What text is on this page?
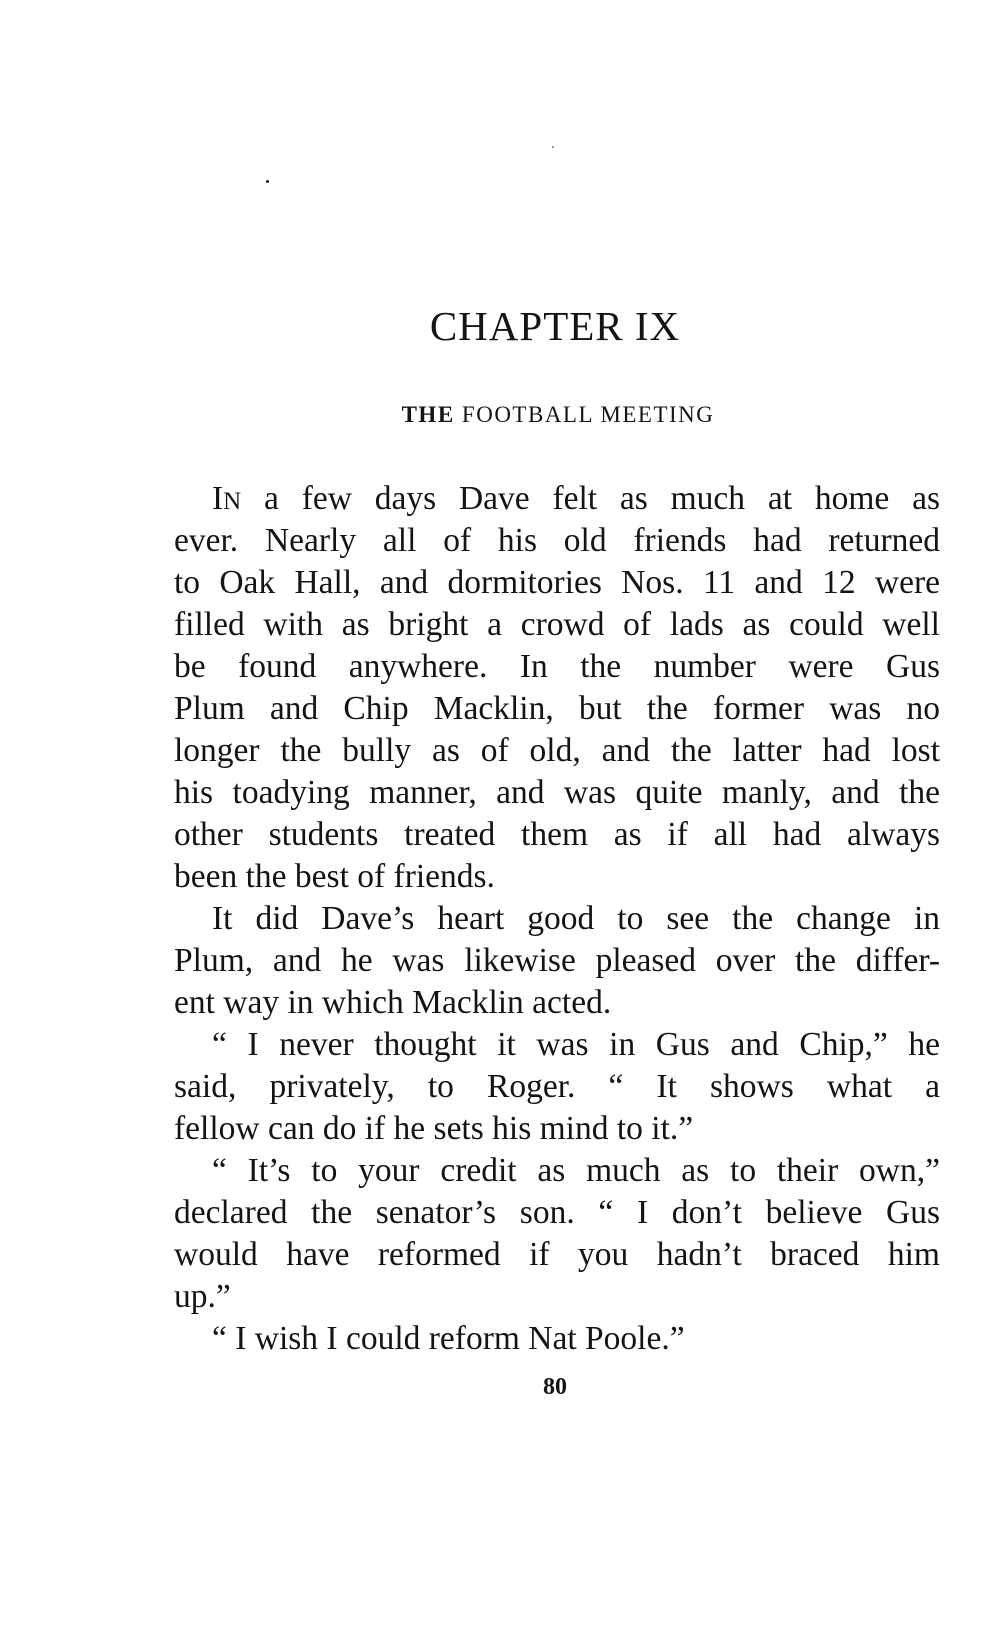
CHAPTER IX
THE FOOTBALL MEETING
IN a few days Dave felt as much at home as
ever. Nearly all of his old friends had returned
to Oak Hall, and dormitories Nos. 11 and 12 were
filled with as bright a crowd of lads as could well
be found anywhere. In the number were Gus
Plum and Chip Macklin, but the former was no
longer the bully as of old, and the latter had lost
his toadying manner, and was quite manly, and the
other students treated them as if all had always
been the best of friends.
It did Dave’s heart good to see the change in
Plum, and he was likewise pleased over the differ-
ent way in which Macklin acted.
“ I never thought it was in Gus and Chip,” he
said, privately, to Roger. “ It shows what a
fellow can do if he sets his mind to it.”
“ It’s to your credit as much as to their own,”
declared the senator’s son. “ I don’t believe Gus
would have reformed if you hadn’t braced him
up.”
“ I wish I could reform Nat Poole.”
80
